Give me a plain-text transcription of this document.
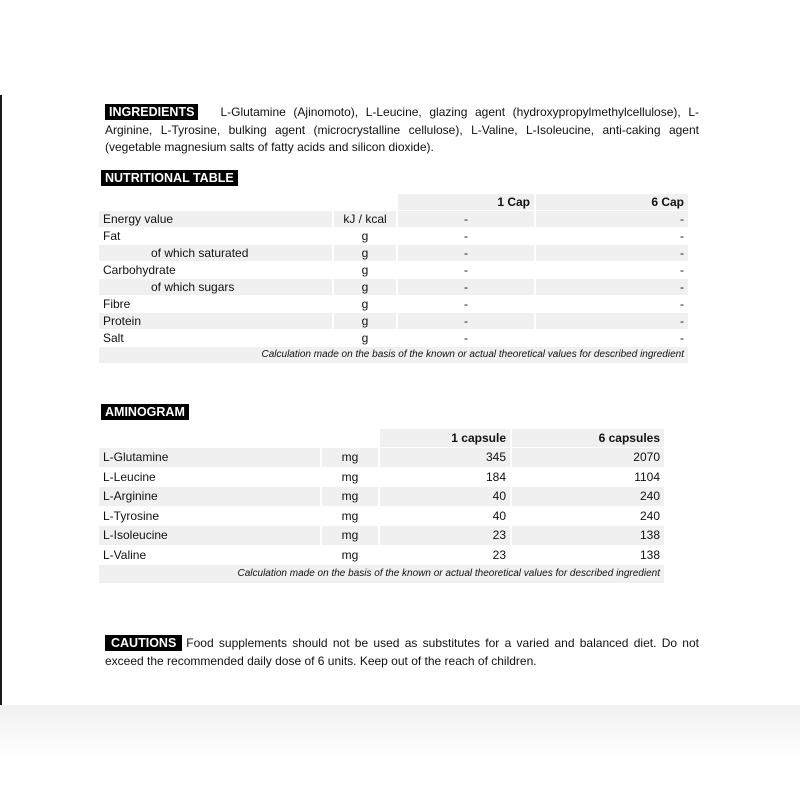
INGREDIENTS L-Glutamine (Ajinomoto), L-Leucine, glazing agent (hydroxypropylmethylcellulose), L-Arginine, L-Tyrosine, bulking agent (microcrystalline cellulose), L-Valine, L-Isoleucine, anti-caking agent (vegetable magnesium salts of fatty acids and silicon dioxide).
NUTRITIONAL TABLE
		1 Cap	6 Cap
Energy value	kJ / kcal	-	-
Fat	g	-	-
of which saturated	g	-	-
Carbohydrate	g	-	-
of which sugars	g	-	-
Fibre	g	-	-
Protein	g	-	-
Salt	g	-	-
Calculation made on the basis of the known or actual theoretical values for described ingredient			
AMINOGRAM
		1 capsule	6 capsules
L-Glutamine	mg	345	2070
L-Leucine	mg	184	1104
L-Arginine	mg	40	240
L-Tyrosine	mg	40	240
L-Isoleucine	mg	23	138
L-Valine	mg	23	138
Calculation made on the basis of the known or actual theoretical values for described ingredient			
CAUTIONS Food supplements should not be used as substitutes for a varied and balanced diet. Do not exceed the recommended daily dose of 6 units. Keep out of the reach of children.
